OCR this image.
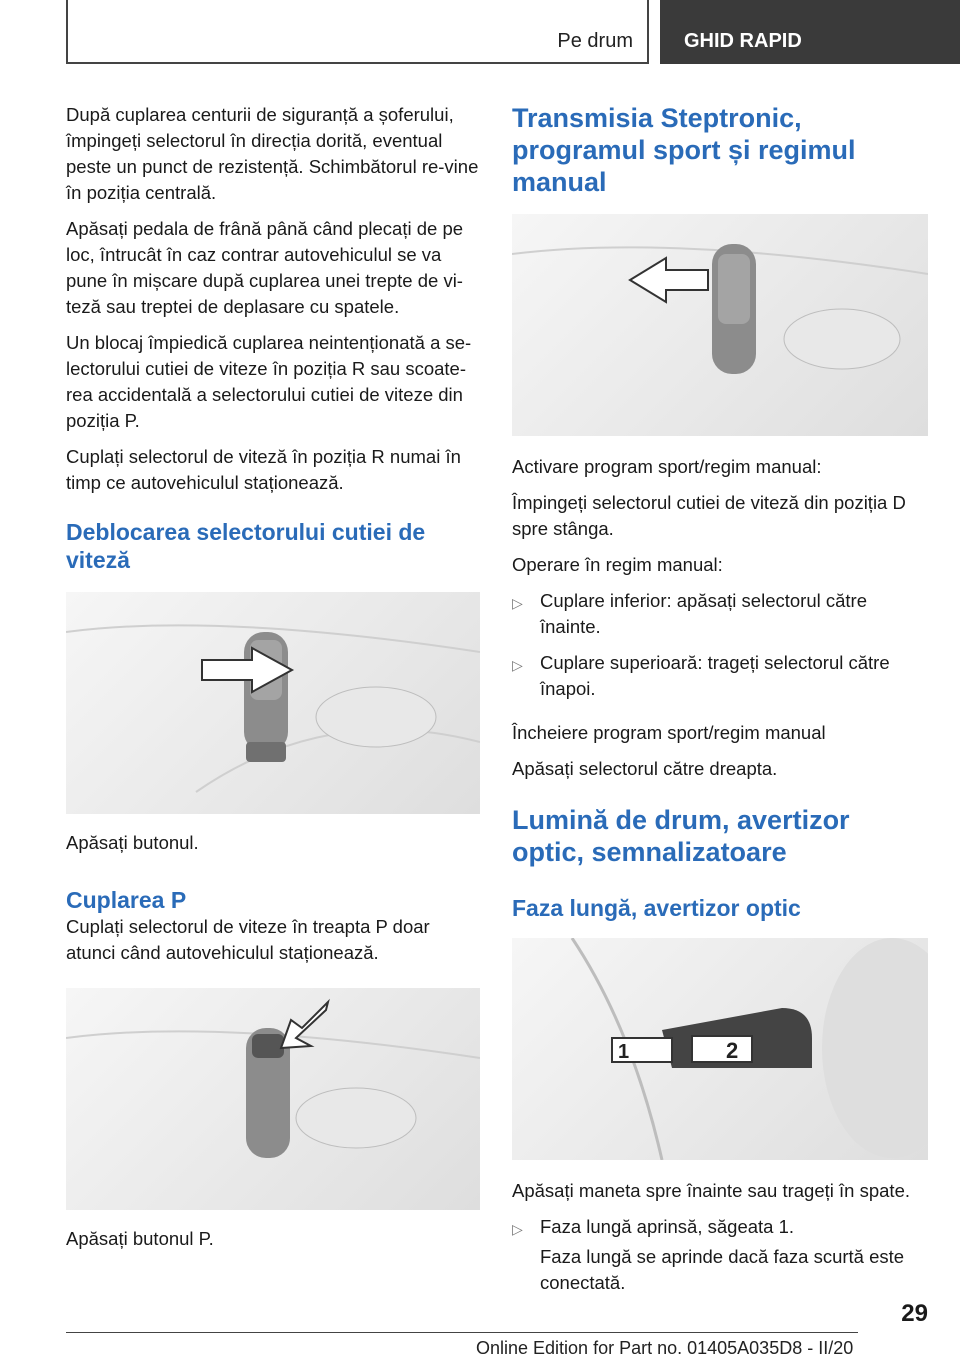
Pe drum	GHID RAPID

După cuplarea centurii de siguranță a șoferului, împingeți selectorul în direcția dorită, eventual peste un punct de rezistență. Schimbătorul re-vine în poziția centrală.

Apăsați pedala de frână până când plecați de pe loc, întrucât în caz contrar autovehiculul se va pune în mișcare după cuplarea unei trepte de vi-teză sau treptei de deplasare cu spatele.

Un blocaj împiedică cuplarea neintenționată a se-lectorului cutiei de viteze în poziția R sau scoate-rea accidentală a selectorului cutiei de viteze din poziția P.

Cuplați selectorul de viteză în poziția R numai în timp ce autovehiculul staționează.

Deblocarea selectorului cutiei de viteză

Apăsați butonul.

Cuplarea P

Cuplați selectorul de viteze în treapta P doar atunci când autovehiculul staționează.

Apăsați butonul P.

Transmisia Steptronic, programul sport și regimul manual

Activare program sport/regim manual:

Împingeți selectorul cutiei de viteză din poziția D spre stânga.

Operare în regim manual:

▷ Cuplare inferior: apăsați selectorul către înainte.

▷ Cuplare superioară: trageți selectorul către înapoi.

Încheiere program sport/regim manual

Apăsați selectorul către dreapta.

Lumină de drum, avertizor optic, semnalizatoare
Faza lungă, avertizor optic
1	2

Apăsați maneta spre înainte sau trageți în spate.

▷ Faza lungă aprinsă, săgeata 1.

Faza lungă se aprinde dacă faza scurtă este conectată.

29
Online Edition for Part no. 01405A035D8 - II/20
